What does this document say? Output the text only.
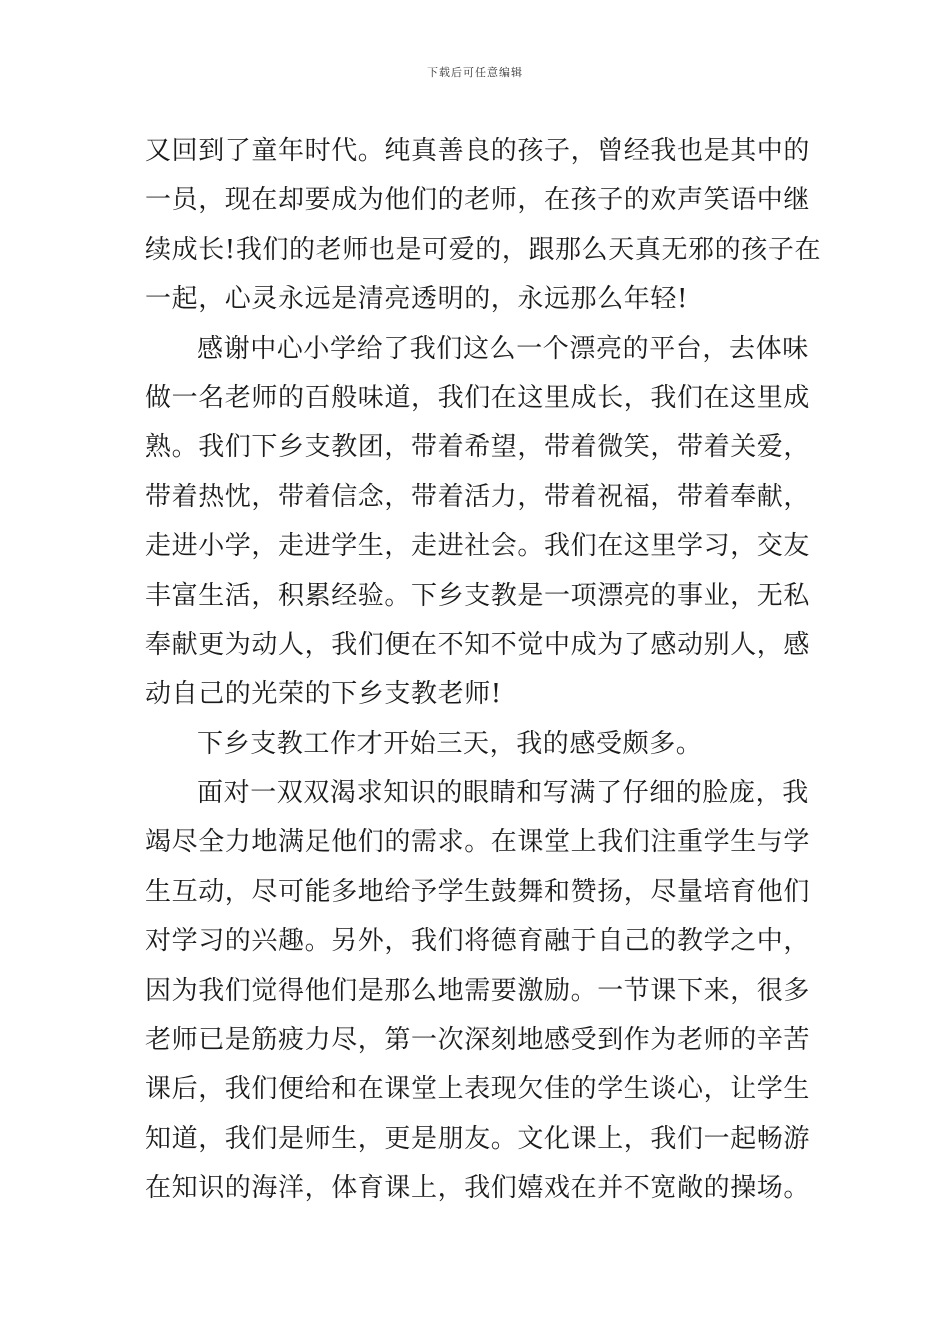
下载后可任意编辑
又回到了童年时代。纯真善良的孩子，曾经我也是其中的
一员，现在却要成为他们的老师，在孩子的欢声笑语中继
续成长!我们的老师也是可爱的，跟那么天真无邪的孩子在
一起，心灵永远是清亮透明的，永远那么年轻!
感谢中心小学给了我们这么一个漂亮的平台，去体味
做一名老师的百般味道，我们在这里成长，我们在这里成
熟。我们下乡支教团，带着希望，带着微笑，带着关爱，
带着热忱，带着信念，带着活力，带着祝福，带着奉献，
走进小学，走进学生，走进社会。我们在这里学习，交友
丰富生活，积累经验。下乡支教是一项漂亮的事业，无私
奉献更为动人，我们便在不知不觉中成为了感动别人，感
动自己的光荣的下乡支教老师!
下乡支教工作才开始三天，我的感受颇多。
面对一双双渴求知识的眼睛和写满了仔细的脸庞，我
竭尽全力地满足他们的需求。在课堂上我们注重学生与学
生互动，尽可能多地给予学生鼓舞和赞扬，尽量培育他们
对学习的兴趣。另外，我们将德育融于自己的教学之中，
因为我们觉得他们是那么地需要激励。一节课下来，很多
老师已是筋疲力尽，第一次深刻地感受到作为老师的辛苦
课后，我们便给和在课堂上表现欠佳的学生谈心，让学生
知道，我们是师生，更是朋友。文化课上，我们一起畅游
在知识的海洋，体育课上，我们嬉戏在并不宽敞的操场。
